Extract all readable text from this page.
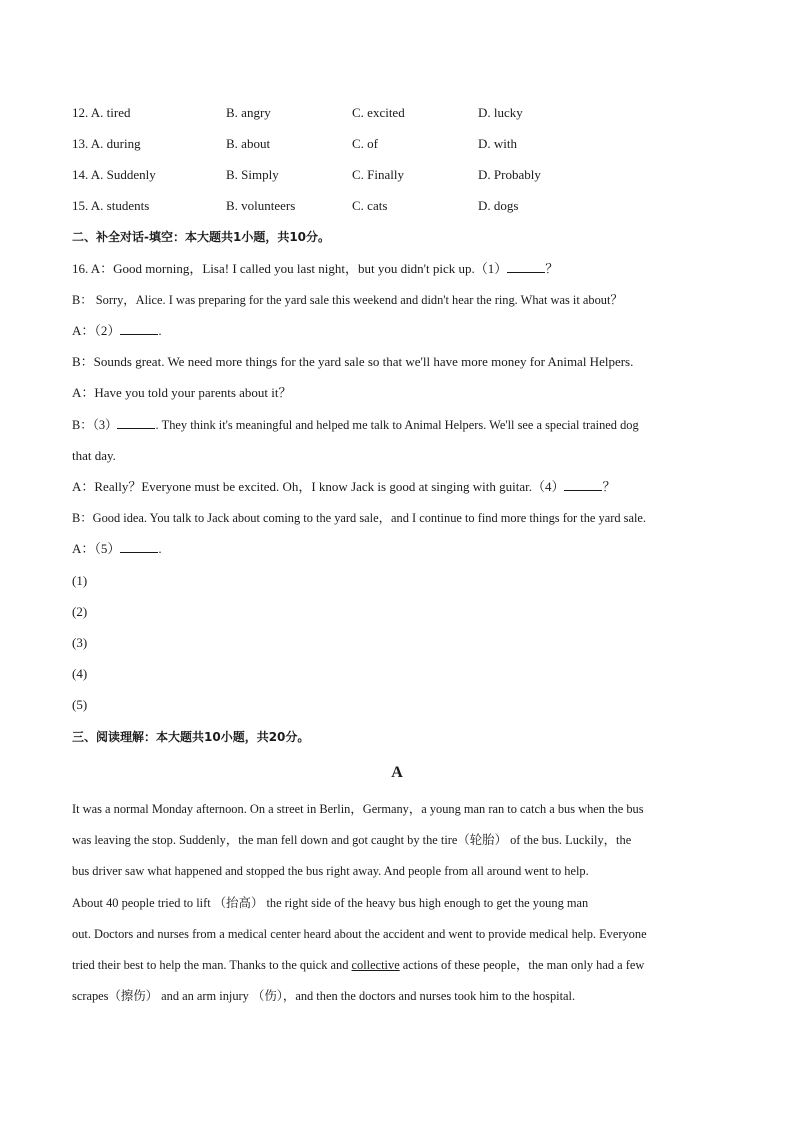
12. A. tired	B. angry	C. excited	D. lucky
13. A. during	B. about	C. of	D. with
14. A. Suddenly	B. Simply	C. Finally	D. Probably
15. A. students	B. volunteers	C. cats	D. dogs
二、补全对话-填空：本大题共1小题，共10分。
16. A：Good morning，Lisa! I called you last night，but you didn't pick up.（1）	？
B： Sorry，Alice. I was preparing for the yard sale this weekend and didn't hear the ring. What was it about？
A：（2）	.
B：Sounds great. We need more things for the yard sale so that we'll have more money for Animal Helpers.
A：Have you told your parents about it？
B：（3）	. They think it's meaningful and helped me talk to Animal Helpers. We'll see a special trained dog
that day.
A：Really？Everyone must be excited. Oh，I know Jack is good at singing with guitar.（4）	？
B：Good idea. You talk to Jack about coming to the yard sale，and I continue to find more things for the yard sale.
A：（5）	.
(1)
(2)
(3)
(4)
(5)
三、阅读理解：本大题共10小题，共20分。
A
It was a normal Monday afternoon. On a street in Berlin，Germany，a young man ran to catch a bus when the bus
was leaving the stop. Suddenly，the man fell down and got caught by the tire（轮胎） of the bus. Luckily，the
bus driver saw what happened and stopped the bus right away. And people from all around went to help.
About 40 people tried to lift （抬高） the right side of the heavy bus high enough to get the young man
out. Doctors and nurses from a medical center heard about the accident and went to provide medical help. Everyone
tried their best to help the man. Thanks to the quick and collective actions of these people，the man only had a few
scrapes（擦伤） and an arm injury （伤），and then the doctors and nurses took him to the hospital.
